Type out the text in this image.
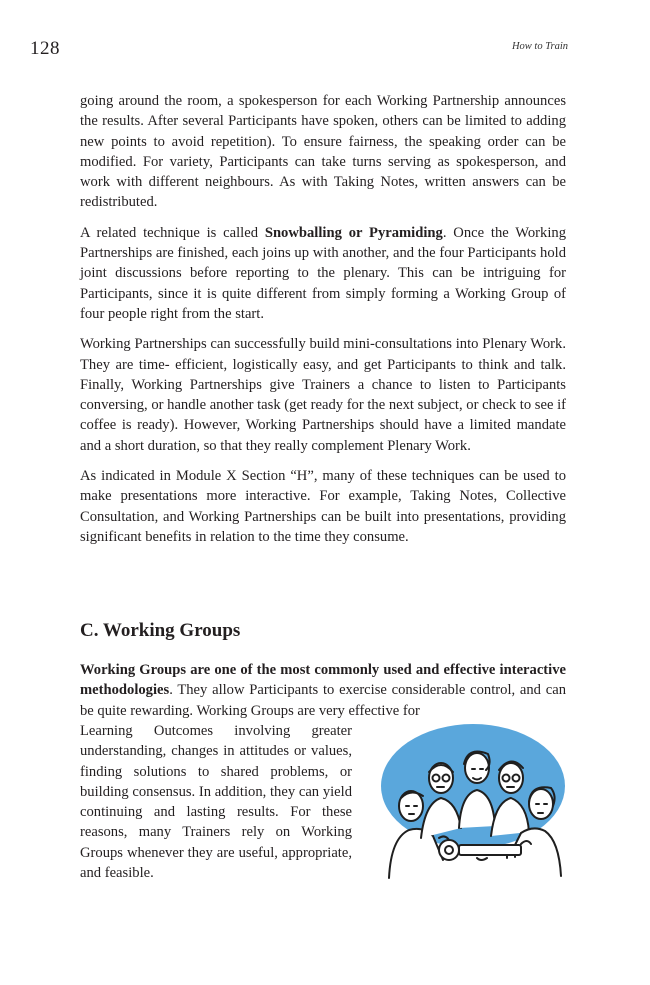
128	How to Train

going around the room, a spokesperson for each Working Partnership announces the results. After several Participants have spoken, others can be limited to adding new points to avoid repetition). To ensure fairness, the speaking order can be modified. For variety, Participants can take turns serving as spokesperson, and work with different neighbours. As with Taking Notes, written answers can be redistributed.

A related technique is called Snowballing or Pyramiding. Once the Working Partnerships are finished, each joins up with another, and the four Participants hold joint discussions before reporting to the plenary. This can be intriguing for Participants, since it is quite different from simply forming a Working Group of four people right from the start.

Working Partnerships can successfully build mini-consultations into Plenary Work. They are time- efficient, logistically easy, and get Participants to think and talk. Finally, Working Partnerships give Trainers a chance to listen to Participants conversing, or handle another task (get ready for the next subject, or check to see if coffee is ready). However, Working Partnerships should have a limited mandate and a short duration, so that they really complement Plenary Work.

As indicated in Module X Section “H”, many of these techniques can be used to make presentations more interactive. For example, Taking Notes, Collective Consultation, and Working Partnerships can be built into presentations, providing significant benefits in relation to the time they consume.

C. Working Groups

Working Groups are one of the most commonly used and effective interactive methodologies. They allow Participants to exercise considerable control, and can be quite rewarding. Working Groups are very effective for

Learning Outcomes involving greater understanding, changes in attitudes or values, finding solutions to shared problems, or building consensus. In addition, they can yield continuing and lasting results. For these reasons, many Trainers rely on Working Groups whenever they are useful, appropriate, and feasible.
